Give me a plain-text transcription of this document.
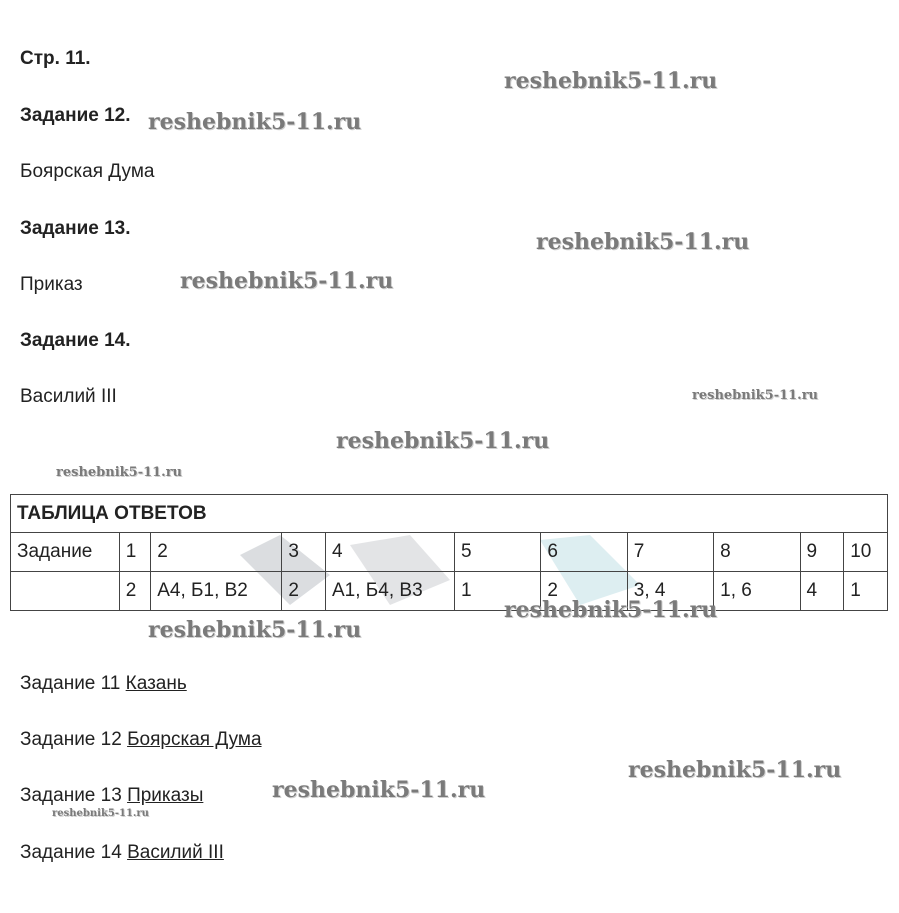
Стр. 11.
Задание 12.
Боярская Дума
Задание 13.
Приказ
Задание 14.
Василий III
ТАБЛИЦА ОТВЕТОВ										
Задание	1	2	3	4	5	6	7	8	9	10
	2	А4, Б1, В2	2	А1, Б4, В3	1	2	3, 4	1, 6	4	1
Задание 11 Казань
Задание 12 Боярская Дума
Задание 13 Приказы
Задание 14 Василий III
reshebnik5-11.ru
reshebnik5-11.ru
reshebnik5-11.ru
reshebnik5-11.ru
reshebnik5-11.ru
reshebnik5-11.ru
reshebnik5-11.ru
reshebnik5-11.ru
reshebnik5-11.ru
reshebnik5-11.ru
reshebnik5-11.ru
reshebnik5-11.ru
